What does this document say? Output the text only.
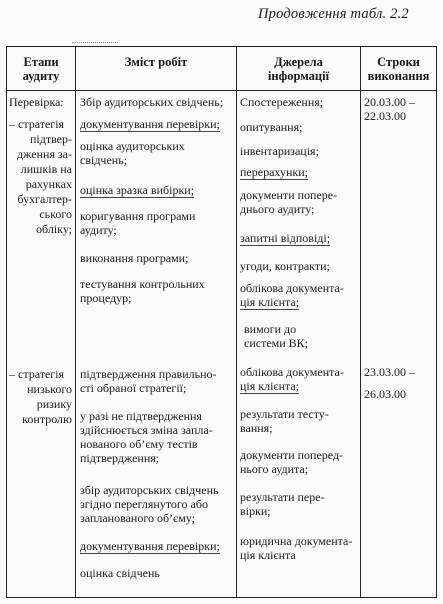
Продовження табл. 2.2
Етапи
аудиту
Зміст робіт	Джерела
інформації
Строки
виконання
Перевірка:
– стратегія
підтвер-
дження за-
лишків на
рахунках
бухгалтер-
ського
обліку;
Збір аудиторських свідчень;
документування перевірки;
оцінка аудиторських
свідчень;
оцінка зразка вибірки;
коригування програми
аудиту;
виконання програми;
тестування контрольних
процедур;
Спостереження;
опитування;
інвентаризація;
перерахунки;
документи попере-
днього аудиту;
запитні відповіді;
угоди, контракти;
облікова документа-
ція клієнта;
вимоги до
системи ВК;
20.03.00 –
22.03.00
– стратегія
низького
ризику
контролю
підтвердження правильно-
сті обраної стратегії;
у разі не підтвердження
здійснюється зміна запла-
нованого об’єму тестів
підтвердження;
збір аудиторських свідчень
згідно переглянутого або
запланованого об’єму;
документування перевірки;
оцінка свідчень
облікова документа-
ція клієнта;
результати тесту-
вання;
документи поперед-
нього аудита;
результати пере-
вірки;
юридична документа-
ція клієнта
23.03.00 –
26.03.00
